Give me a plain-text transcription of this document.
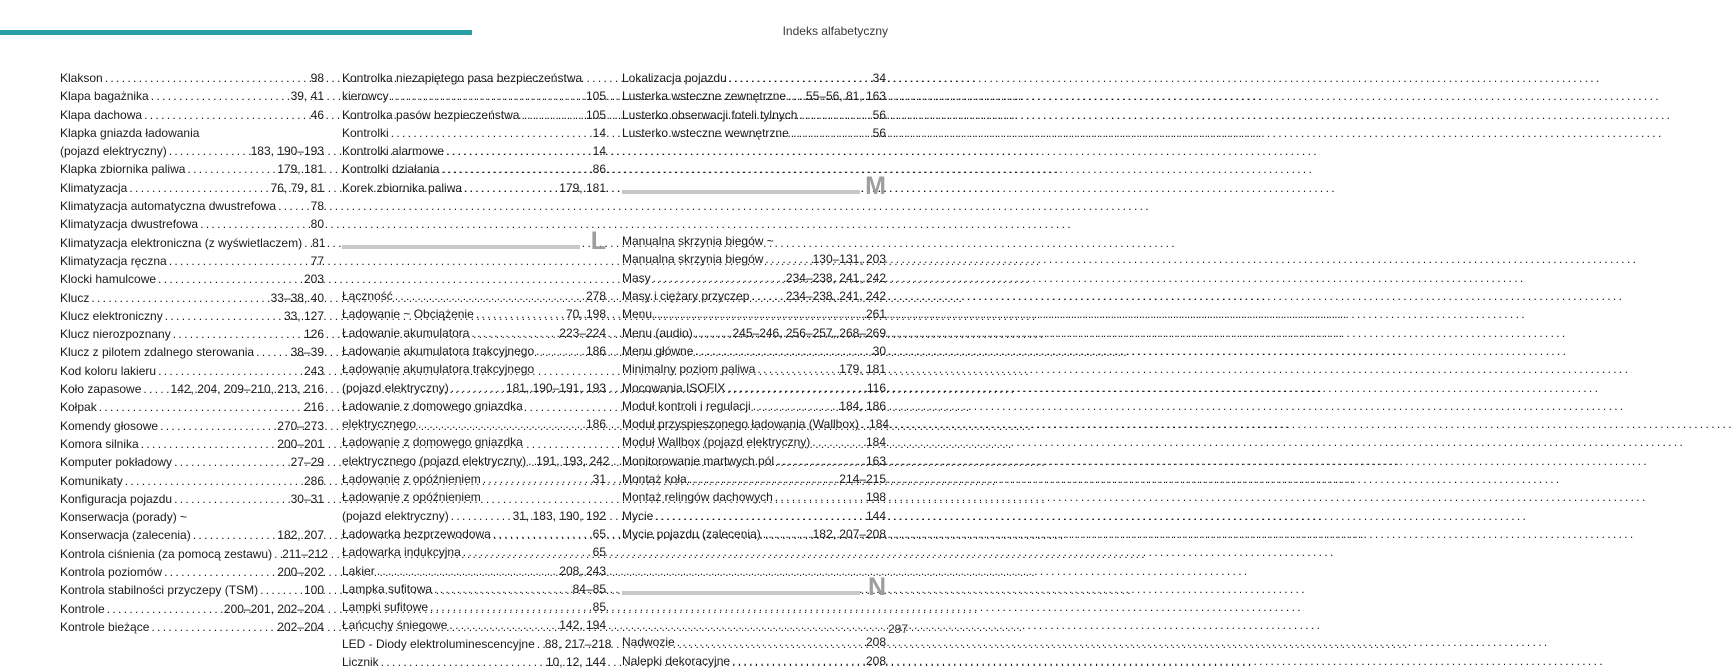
Indeks alfabetyczny
Klakson . . .	98
Klapa bagażnika . . .	39, 41
Klapa dachowa . . .	46
Klapka gniazda ładowania
(pojazd elektryczny) . . .	183, 190–193
Klapka zbiornika paliwa . . .	179, 181
Klimatyzacja . . .	76, 79, 81
Klimatyzacja automatyczna dwustrefowa . . .	78
Klimatyzacja dwustrefowa . . .	80
Klimatyzacja elektroniczna (z wyświetlaczem) . . . 81
Klimatyzacja ręczna . . .	77
Klocki hamulcowe . . .	203
Klucz . . .	33–38, 40
Klucz elektroniczny . . .	33, 127
Klucz nierozpoznany . . .	126
Klucz z pilotem zdalnego sterowania . . .	38–39
Kod koloru lakieru . . .	243
Koło zapasowe . . . 142, 204, 209–210, 213, 216
Kołpak . . .	216
Komendy głosowe . . .	270–273
Komora silnika . . .	200–201
Komputer pokładowy . . .	27–29
Komunikaty . . .	286
Konfiguracja pojazdu . . .	30–31
Konserwacja (porady) ~
Konserwacja (zalecenia) . . .	182, 207
Kontrola ciśnienia (za pomocą zestawu) . . . 211–212
Kontrola poziomów . . .	200–202
Kontrola stabilności przyczepy (TSM) . . .	100
Kontrole . . .	200–201, 202–204
Kontrole bieżące . . .	202–204
Kontrolka niezapiętego pasa bezpieczeństwa
kierowcy . . .	105
Kontrolka pasów bezpieczeństwa . . .	105
Kontrolki . . .	14
Kontrolki alarmowe . . .	14
Kontrolki działania . . .	86
Korek zbiornika paliwa . . .	179, 181
L
Łączność . . .	278
Ładowanie ~ Obciążenie . . .	70, 198
Ładowanie akumulatora . . .	223–224
Ładowanie akumulatora trakcyjnego . . .	186
Ładowanie akumulatora trakcyjnego
(pojazd elektryczny) . . .	181, 190–191, 193
Ładowanie z domowego gniazdka
elektrycznego . . .	186
Ładowanie z domowego gniazdka
elektrycznego (pojazd elektryczny) . . . 191, 193, 242
Ładowanie z opóźnieniem . . .	31
Ładowanie z opóźnieniem
(pojazd elektryczny) . . .	31, 183, 190, 192
Ładowarka bezprzewodowa . . .	65
Ładowarka indukcyjna . . .	65
Lakier . . .	208, 243
Lampka sufitowa . . .	84–85
Lampki sufitowe . . .	85
Łańcuchy śniegowe . . .	142, 194
LED - Diody elektroluminescencyjne . . . 88, 217–218
Licznik . . .	10, 12, 144
Lokalizacja pojazdu . . .	34
Lusterka wsteczne zewnętrzne . . . 55–56, 81, 163
Lusterko obserwacji foteli tylnych . . .	56
Lusterko wsteczne wewnętrzne . . .	56
M
Manualna skrzynia biegów ~
Manualna skrzynia biegów . . .	130–131, 203
Masy . . .	234–238, 241, 242
Masy i ciężary przyczep . . .	234–238, 241, 242
Menu . . .	261
Menu (audio) . . .	245–246, 256–257, 268–269
Menu główne . . .	30
Minimalny poziom paliwa . . .	179, 181
Mocowania ISOFIX . . .	116
Moduł kontroli i regulacji . . .	184, 186
Moduł przyspieszonego ładowania (Wallbox) . . . 184
Moduł Wallbox (pojazd elektryczny) . . .	184
Monitorowanie martwych pól . . .	163
Montaż koła . . .	214–215
Montaż relingów dachowych . . .	198
Mycie . . .	144
Mycie pojazdu (zalecenia) . . .	182, 207–208
N
Nadwozie . . .	208
Nalepki dekoracyjne . . .	208
297
